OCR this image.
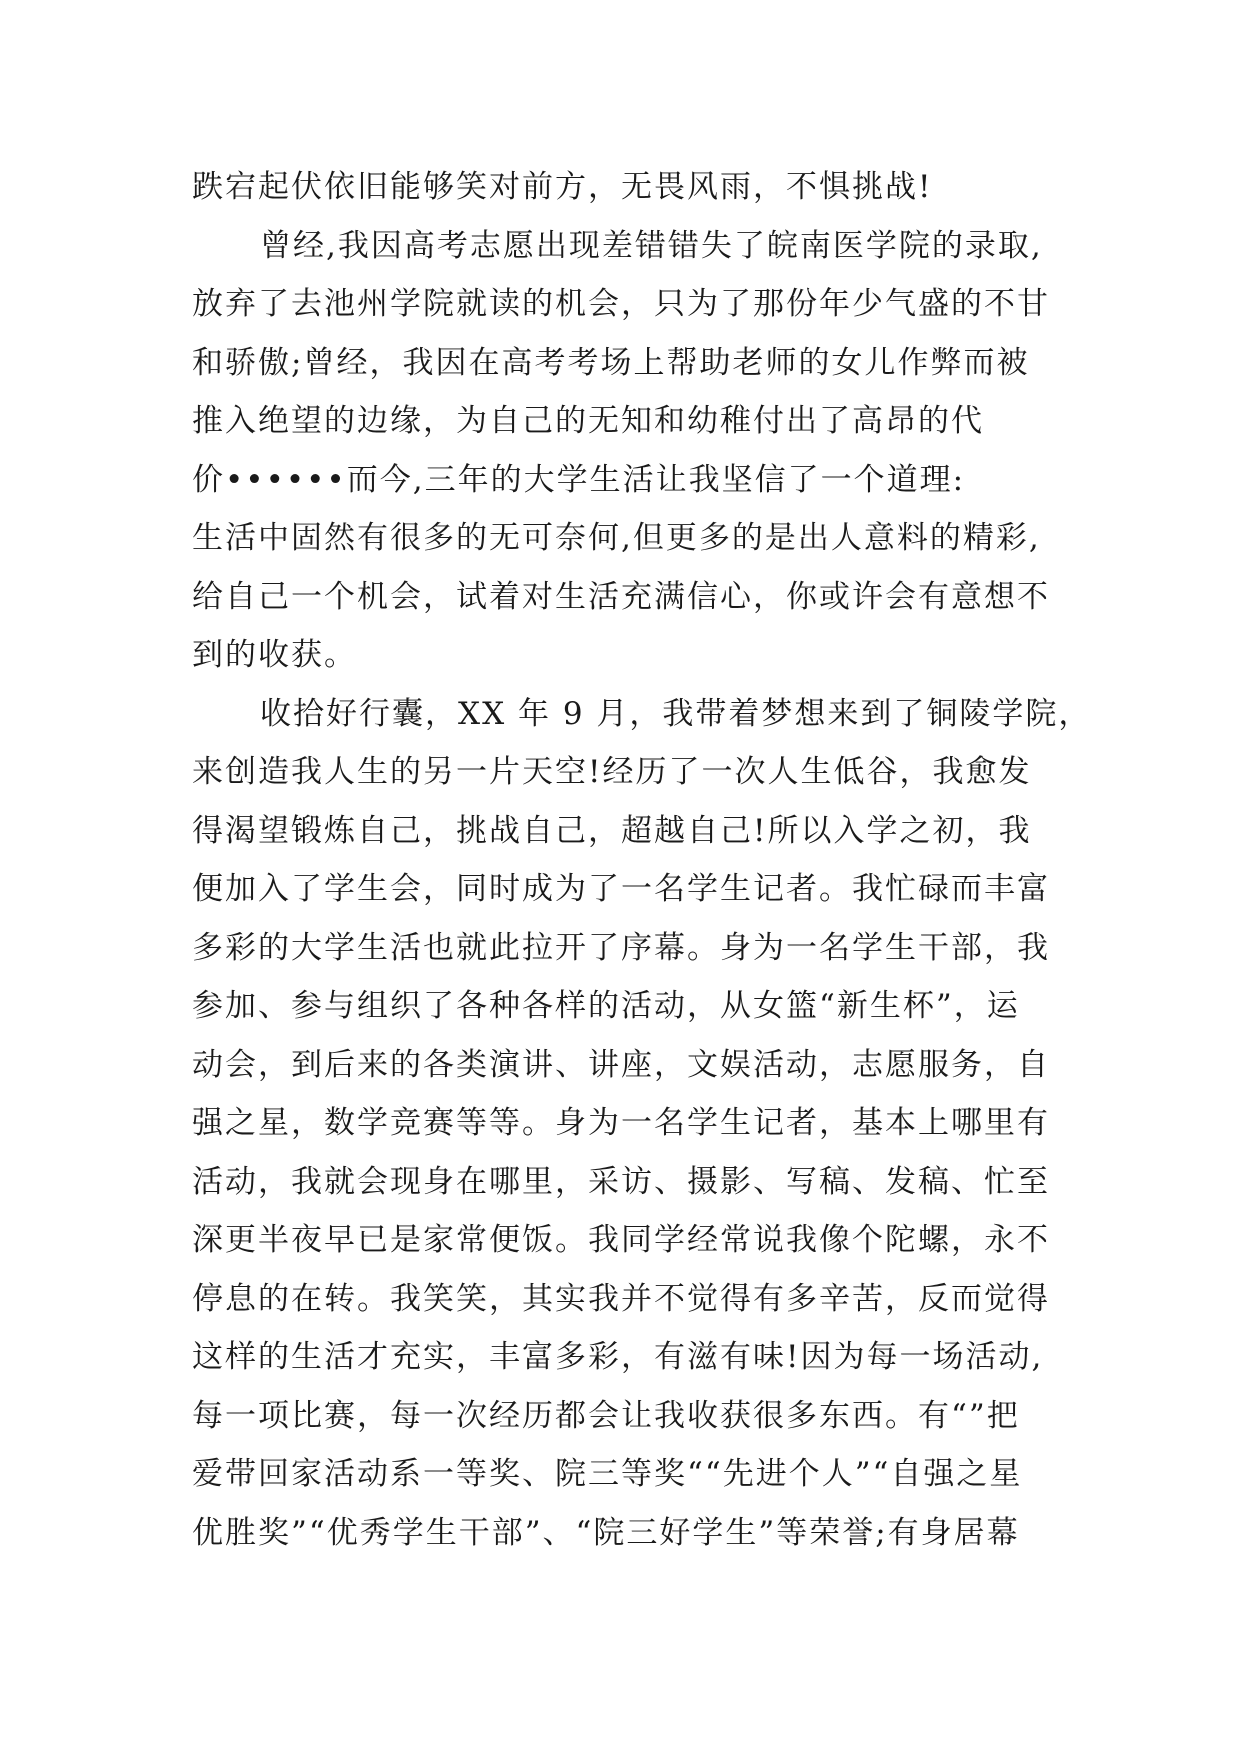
跌宕起伏依旧能够笑对前方，无畏风雨，不惧挑战!
曾经,我因高考志愿出现差错错失了皖南医学院的录取,
放弃了去池州学院就读的机会，只为了那份年少气盛的不甘
和骄傲;曾经，我因在高考考场上帮助老师的女儿作弊而被
推入绝望的边缘，为自己的无知和幼稚付出了高昂的代
价••••••而今,三年的大学生活让我坚信了一个道理:
生活中固然有很多的无可奈何,但更多的是出人意料的精彩,
给自己一个机会，试着对生活充满信心，你或许会有意想不
到的收获。
收拾好行囊，XX 年 9 月，我带着梦想来到了铜陵学院，
来创造我人生的另一片天空!经历了一次人生低谷，我愈发
得渴望锻炼自己，挑战自己，超越自己!所以入学之初，我
便加入了学生会，同时成为了一名学生记者。我忙碌而丰富
多彩的大学生活也就此拉开了序幕。身为一名学生干部，我
参加、参与组织了各种各样的活动，从女篮“新生杯”，运
动会，到后来的各类演讲、讲座，文娱活动，志愿服务，自
强之星，数学竞赛等等。身为一名学生记者，基本上哪里有
活动，我就会现身在哪里，采访、摄影、写稿、发稿、忙至
深更半夜早已是家常便饭。我同学经常说我像个陀螺，永不
停息的在转。我笑笑，其实我并不觉得有多辛苦，反而觉得
这样的生活才充实，丰富多彩，有滋有味!因为每一场活动,
每一项比赛，每一次经历都会让我收获很多东西。有“”把
爱带回家活动系一等奖、院三等奖““先进个人”“自强之星
优胜奖”“优秀学生干部”、“院三好学生”等荣誉;有身居幕
